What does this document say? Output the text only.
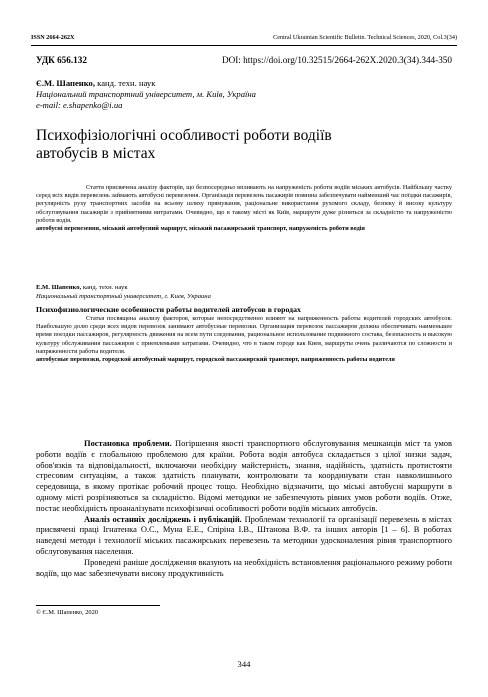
ISSN 2664-262X	Central Ukrainian Scientific Bulletin. Technical Sciences, 2020, Col.3(34)
УДК 656.132	DOI: https://doi.org/10.32515/2664-262X.2020.3(34).344-350
Є.М. Шапенко, канд. техн. наук
Національний транспортний університет, м. Київ, Україна
e-mail: e.shapenko@i.ua
Психофізіологічні особливості роботи водіїв автобусів в містах

Стаття присвячена аналізу факторів, що безпосередньо впливають на напруженість роботи водіїв міських автобусів. Найбільшу частку серед всіх видів перевезень займають автобусні перевезення. Організація перевезень пасажирів повинна забезпечувати найменший час поїздки пасажирів, регулярність руху транспортних засобів на всьому шляху прямування, раціональне використання рухомого складу, безпеку й високу культуру обслуговування пасажирів з прийнятними витратами. Очевидно, що в такому місті як Київ, маршрути дуже різняться за складністю та напруженістю роботи водія.

автобусні перевезення, міський автобусний маршрут, міський пасажирський транспорт, напруженість роботи водія

Е.М. Шапенко, канд. техн. наук
Национальный транспортный университет, г. Киев, Украина
Психофизиологические особенности работы водителей автобусов в городах

Статья посвящена анализу факторов, которые непосредственно влияют на напряженность работы водителей городских автобусов. Наибольшую долю среди всех видов перевозок занимают автобусные перевозки. Организация перевозок пассажиров должна обеспечивать наименьшее время поездки пассажиров, регулярность движения на всем пути следования, рациональное использование подвижного состава, безопасность и высокую культуру обслуживания пассажиров с приемлемыми затратами. Очевидно, что в таком городе как Киев, маршруты очень различаются по сложности и напряженности работы водителя.

автобусные перевозки, городской автобусный маршрут, городской пассажирский транспорт, напряженность работы водителя

Постановка проблеми. Погіршення якості транспортного обслуговування мешканців міст та умов роботи водіїв є глобальною проблемою для країни. Робота водія автобуса складається з цілої низки задач, обов'язків та відповідальності, включаючи необхідну майстерність, знання, надійність, здатність протистояти стресовим ситуаціям, а також здатність планувати, контролювати та координувати стан навколишнього середовища, в якому протікає робочий процес тощо. Необхідно відзначити, що міські автобусні маршрути в одному місті розрізняються за складністю. Відомі методики не забезпечують рівних умов роботи водіїв. Отже, постає необхідність проаналізувати психофізичні особливості роботи водіїв міських автобусів.

Аналіз останніх досліджень і публікацій. Проблемам технології та організації перевезень в містах присвячені праці Ігнатенка О.С., Муна Е.Е., Спіріна І.В., Штанова В.Ф. та інших авторів [1 – 6]. В роботах наведені методи і технології міських пасажирських перевезень та методики удосконалення рівня транспортного обслуговування населення.

Проведені раніше дослідження вказують на необхідність встановлення раціонального режиму роботи водіїв, що має забезпечувати високу продуктивність

© Є.М. Шапенко, 2020
344
